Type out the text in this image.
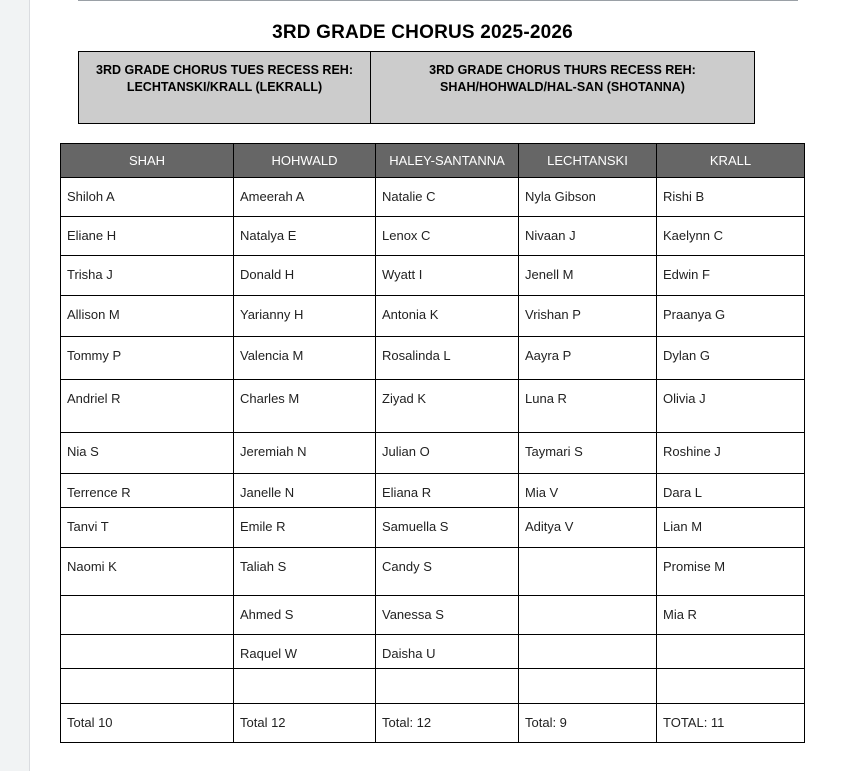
3RD GRADE CHORUS 2025-2026
3RD GRADE CHORUS TUES RECESS REH:
LECHTANSKI/KRALL (LEKRALL)

3RD GRADE CHORUS THURS RECESS REH:
SHAH/HOHWALD/HAL-SAN (SHOTANNA)
SHAH	HOHWALD	HALEY-SANTANNA	LECHTANSKI	KRALL
Shiloh A	Ameerah A	Natalie C	Nyla Gibson	Rishi B
Eliane H	Natalya E	Lenox C	Nivaan J	Kaelynn C
Trisha J	Donald H	Wyatt I	Jenell M	Edwin F
Allison M	Yarianny H	Antonia K	Vrishan P	Praanya G
Tommy P	Valencia M	Rosalinda L	Aayra P	Dylan G
Andriel R	Charles M	Ziyad K	Luna R	Olivia J
Nia S	Jeremiah N	Julian O	Taymari S	Roshine J
Terrence R	Janelle N	Eliana R	Mia V	Dara L
Tanvi T	Emile R	Samuella S	Aditya V	Lian M
Naomi K	Taliah S	Candy S		Promise M
	Ahmed S	Vanessa S		Mia R
	Raquel W	Daisha U		

Total 10	Total 12	Total: 12	Total: 9	TOTAL: 11
